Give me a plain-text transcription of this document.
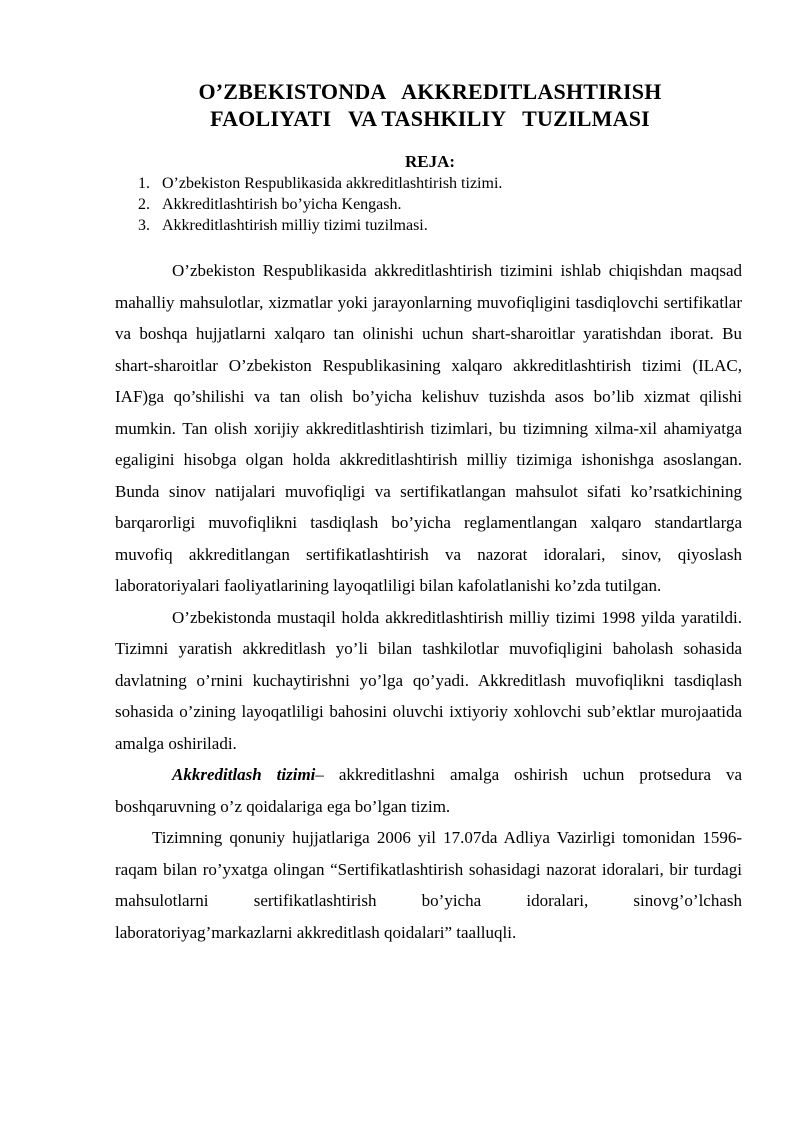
O’ZBEKISTONDA   AKKREDITLASHTIRISH
FAOLIYATI   VA TASHKILIY   TUZILMASI
REJA:
1. O’zbekiston Respublikasida akkreditlashtirish tizimi.
2. Akkreditlashtirish bo’yicha Kengash.
3. Akkreditlashtirish milliy tizimi tuzilmasi.

O’zbekiston Respublikasida akkreditlashtirish tizimini ishlab chiqishdan maqsad mahalliy mahsulotlar, xizmatlar yoki jarayonlarning muvofiqligini tasdiqlovchi sertifikatlar va boshqa hujjatlarni xalqaro tan olinishi uchun shart-sharoitlar yaratishdan iborat. Bu shart-sharoitlar O’zbekiston Respublikasining xalqaro akkreditlashtirish tizimi (ILAC, IAF)ga qo’shilishi va tan olish bo’yicha kelishuv tuzishda asos bo’lib xizmat qilishi mumkin. Tan olish xorijiy akkreditlashtirish tizimlari, bu tizimning xilma-xil ahamiyatga egaligini hisobga olgan holda akkreditlashtirish milliy tizimiga ishonishga asoslangan. Bunda sinov natijalari muvofiqligi va sertifikatlangan mahsulot sifati ko’rsatkichining barqarorligi muvofiqlikni tasdiqlash bo’yicha reglamentlangan xalqaro standartlarga muvofiq akkreditlangan sertifikatlashtirish va nazorat idoralari, sinov, qiyoslash laboratoriyalari faoliyatlarining layoqatliligi bilan kafolatlanishi ko’zda tutilgan.

O’zbekistonda mustaqil holda akkreditlashtirish milliy tizimi 1998 yilda yaratildi. Tizimni yaratish akkreditlash yo’li bilan tashkilotlar muvofiqligini baholash sohasida davlatning o’rnini kuchaytirishni yo’lga qo’yadi. Akkreditlash muvofiqlikni tasdiqlash sohasida o’zining layoqatliligi bahosini oluvchi ixtiyoriy xohlovchi sub’ektlar murojaatida amalga oshiriladi.

Akkreditlash tizimi– akkreditlashni amalga oshirish uchun protsedura va boshqaruvning o’z qoidalariga ega bo’lgan tizim.

Tizimning qonuniy hujjatlariga 2006 yil 17.07da Adliya Vazirligi tomonidan 1596-raqam bilan ro’yxatga olingan “Sertifikatlashtirish sohasidagi nazorat idoralari, bir turdagi mahsulotlarni sertifikatlashtirish bo’yicha idoralari, sinovg’o’lchash laboratoriyag’markazlarni akkreditlash qoidalari” taalluqli.
